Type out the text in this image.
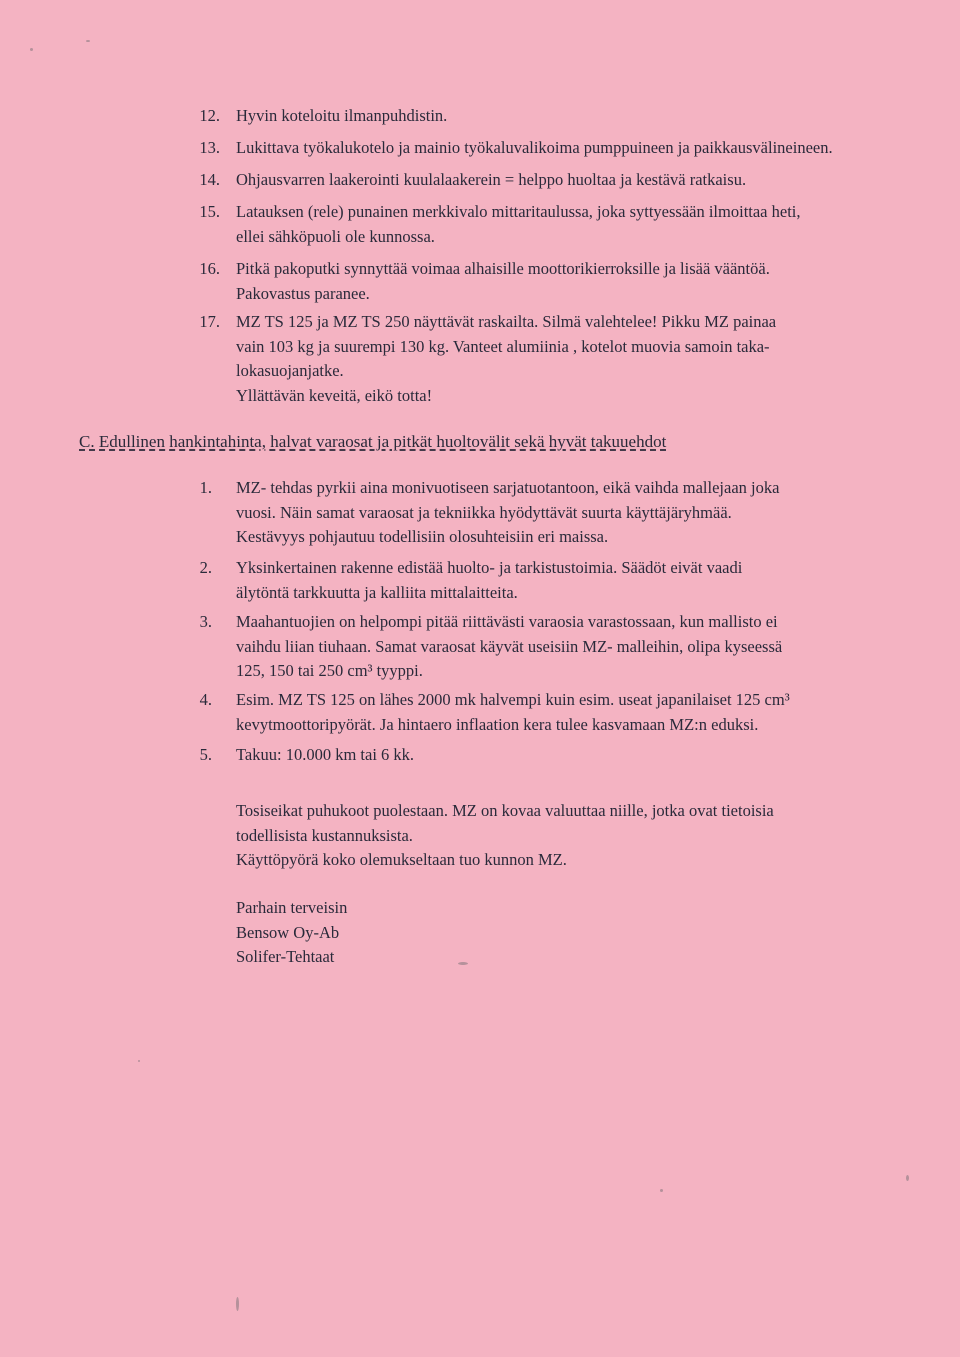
12. Hyvin koteloitu ilmanpuhdistin.
13. Lukittava työkalukotelo ja mainio työkaluvalikoima pumppuineen ja paikkausvälineineen.
14. Ohjausvarren laakerointi kuulalaakerein = helppo huoltaa ja kestävä ratkaisu.
15. Latauksen (rele) punainen merkkivalo mittaritaulussa, joka syttyessään ilmoittaa heti,
ellei sähköpuoli ole kunnossa.
16. Pitkä pakoputki synnyttää voimaa alhaisille moottorikierroksille ja lisää vääntöä.
Pakovastus paranee.
17. MZ TS 125 ja MZ TS 250 näyttävät raskailta. Silmä valehtelee! Pikku MZ painaa
vain 103 kg ja suurempi 130 kg. Vanteet alumiinia , kotelot muovia samoin taka-
lokasuojanjatke.
Yllättävän keveitä, eikö totta!
C. Edullinen hankintahinta, halvat varaosat ja pitkät huoltovälit sekä hyvät takuuehdot
1. MZ- tehdas pyrkii aina monivuotiseen sarjatuotantoon, eikä vaihda mallejaan joka
vuosi. Näin samat varaosat ja tekniikka hyödyttävät suurta käyttäjäryhmää.
Kestävyys pohjautuu todellisiin olosuhteisiin eri maissa.
2. Yksinkertainen rakenne edistää huolto- ja tarkistustoimia. Säädöt eivät vaadi
älytöntä tarkkuutta ja kalliita mittalaitteita.
3. Maahantuojien on helpompi pitää riittävästi varaosia varastossaan, kun mallisto ei
vaihdu liian tiuhaan. Samat varaosat käyvät useisiin MZ- malleihin, olipa kyseessä
125, 150 tai 250 cm³ tyyppi.
4. Esim. MZ TS 125 on lähes 2000 mk halvempi kuin esim. useat japanilaiset 125 cm³
kevytmoottoripyörät. Ja hintaero inflaation kera tulee kasvamaan MZ:n eduksi.
5. Takuu: 10.000 km tai 6 kk.
Tosiseikat puhukoot puolestaan. MZ on kovaa valuuttaa niille, jotka ovat tietoisia
todellisista kustannuksista.
Käyttöpyörä koko olemukseltaan tuo kunnon MZ.
Parhain terveisin
Bensow Oy-Ab
Solifer-Tehtaat
